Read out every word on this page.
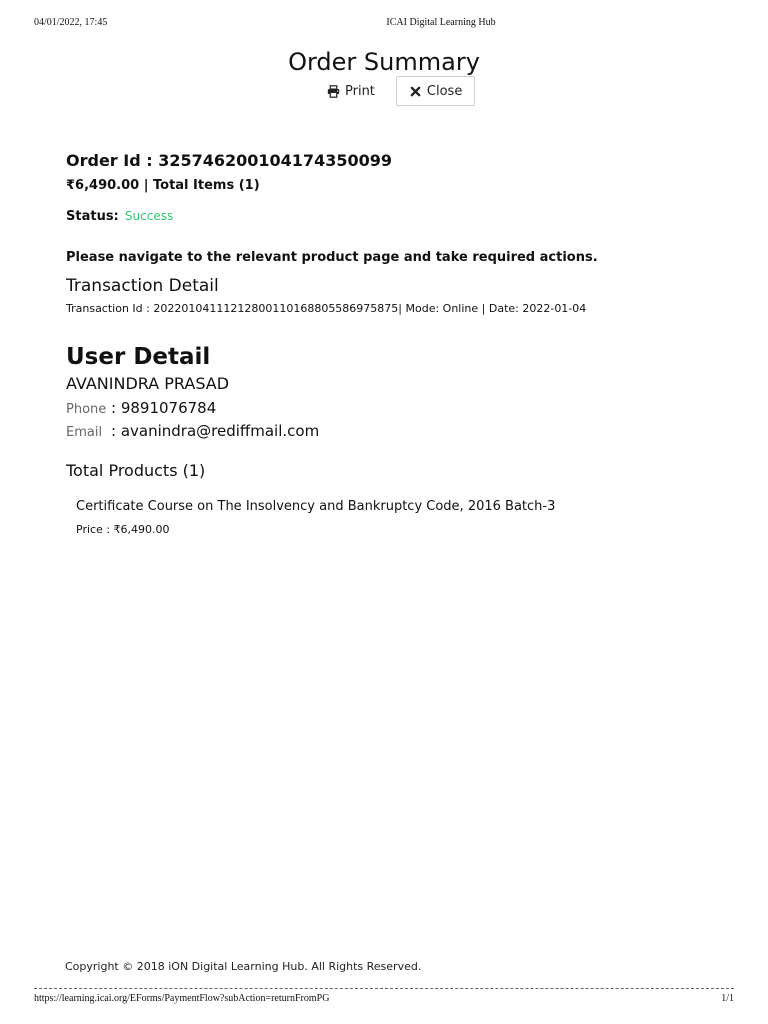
04/01/2022, 17:45	ICAI Digital Learning Hub
Order Summary
Print	Close
Order Id : 325746200104174350099
₹6,490.00 | Total Items (1)
Status: Success
Please navigate to the relevant product page and take required actions.
Transaction Detail
Transaction Id : 20220104111212800110168805586975875| Mode: Online | Date: 2022-01-04
User Detail
AVANINDRA PRASAD
Phone : 9891076784
Email : avanindra@rediffmail.com
Total Products (1)
Certificate Course on The Insolvency and Bankruptcy Code, 2016 Batch-3
Price : ₹6,490.00
Copyright © 2018 iON Digital Learning Hub. All Rights Reserved.
https://learning.icai.org/EForms/PaymentFlow?subAction=returnFromPG	1/1
